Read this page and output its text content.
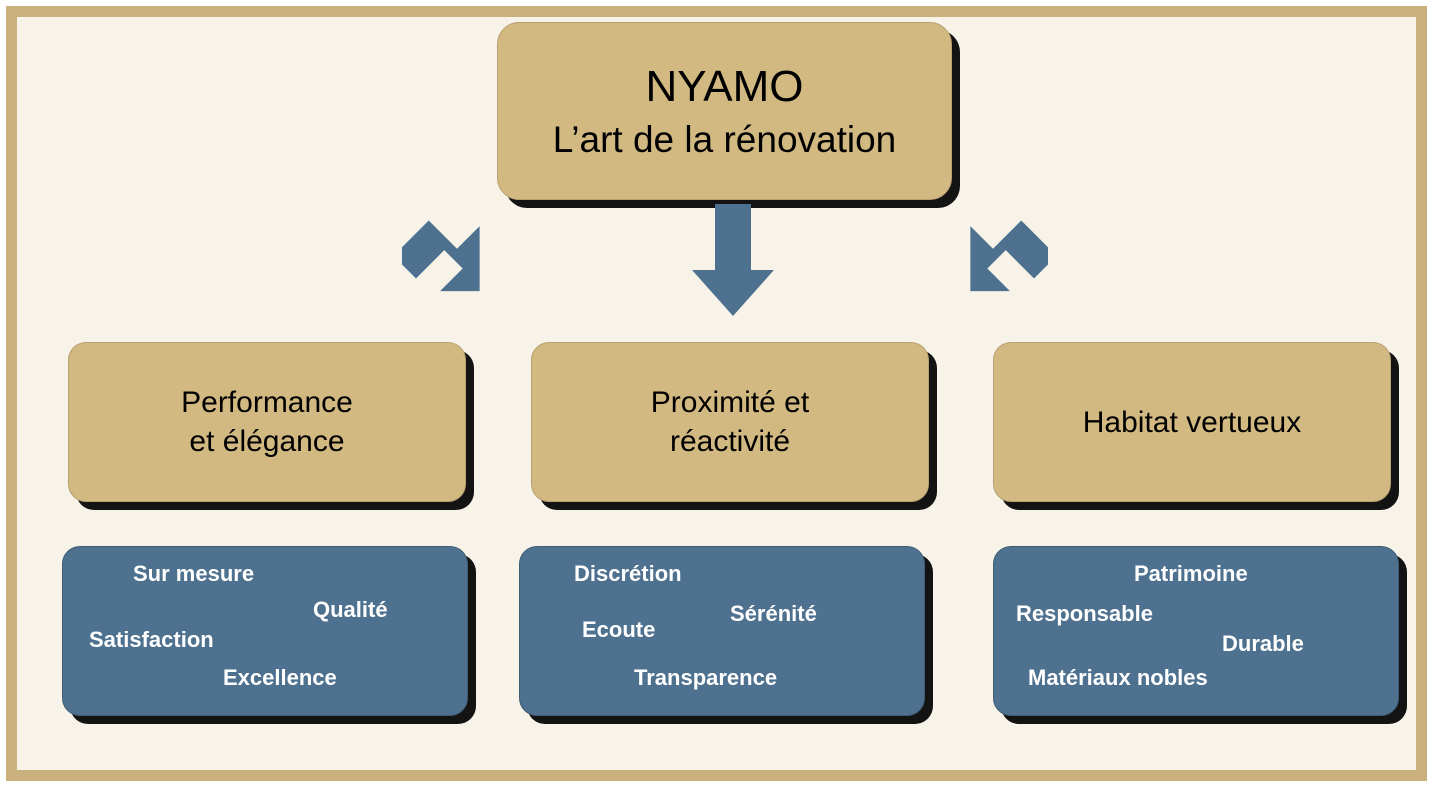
NYAMO
L’art de la rénovation
Performance
et élégance
Proximité et
réactivité
Habitat vertueux
Sur mesure
Qualité
Satisfaction
Excellence
Discrétion
Sérénité
Ecoute
Transparence
Patrimoine
Responsable
Durable
Matériaux nobles
